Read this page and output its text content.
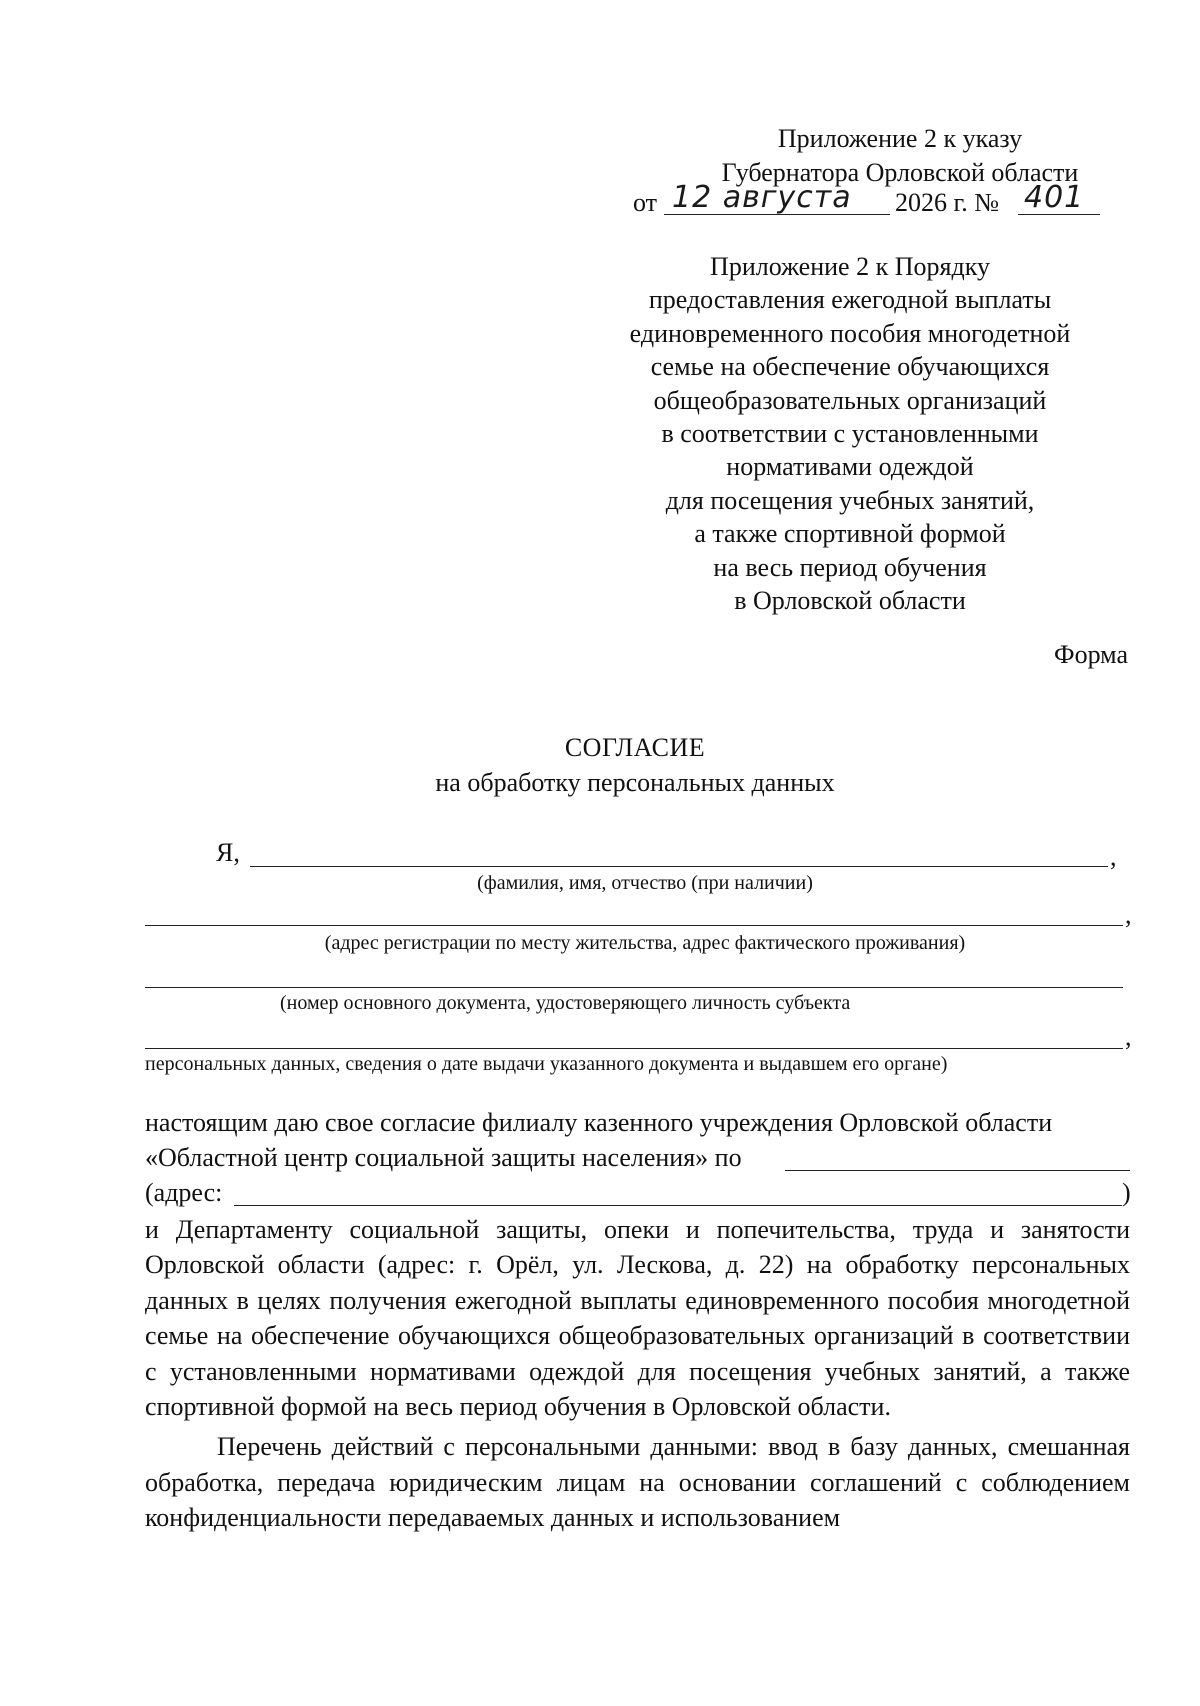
Приложение 2 к указу
Губернатора Орловской области
от 12 августа 2026 г. № 401
Приложение 2 к Порядку
предоставления ежегодной выплаты
единовременного пособия многодетной
семье на обеспечение обучающихся
общеобразовательных организаций
в соответствии с установленными
нормативами одеждой
для посещения учебных занятий,
а также спортивной формой
на весь период обучения
в Орловской области
Форма
СОГЛАСИЕ
на обработку персональных данных
Я,	,
(фамилия, имя, отчество (при наличии)
,
(адрес регистрации по месту жительства, адрес фактического проживания)
(номер основного документа, удостоверяющего личность субъекта
,
персональных данных, сведения о дате выдачи указанного документа и выдавшем его органе)
настоящим даю свое согласие филиалу казенного учреждения Орловской области
«Областной центр социальной защиты населения» по
(адрес:	)

и Департаменту социальной защиты, опеки и попечительства, труда и занятости Орловской области (адрес: г. Орёл, ул. Лескова, д. 22) на обработку персональных данных в целях получения ежегодной выплаты единовременного пособия многодетной семье на обеспечение обучающихся общеобразовательных организаций в соответствии с установленными нормативами одеждой для посещения учебных занятий, а также спортивной формой на весь период обучения в Орловской области.

Перечень действий с персональными данными: ввод в базу данных, смешанная обработка, передача юридическим лицам на основании соглашений с соблюдением конфиденциальности передаваемых данных и использованием
